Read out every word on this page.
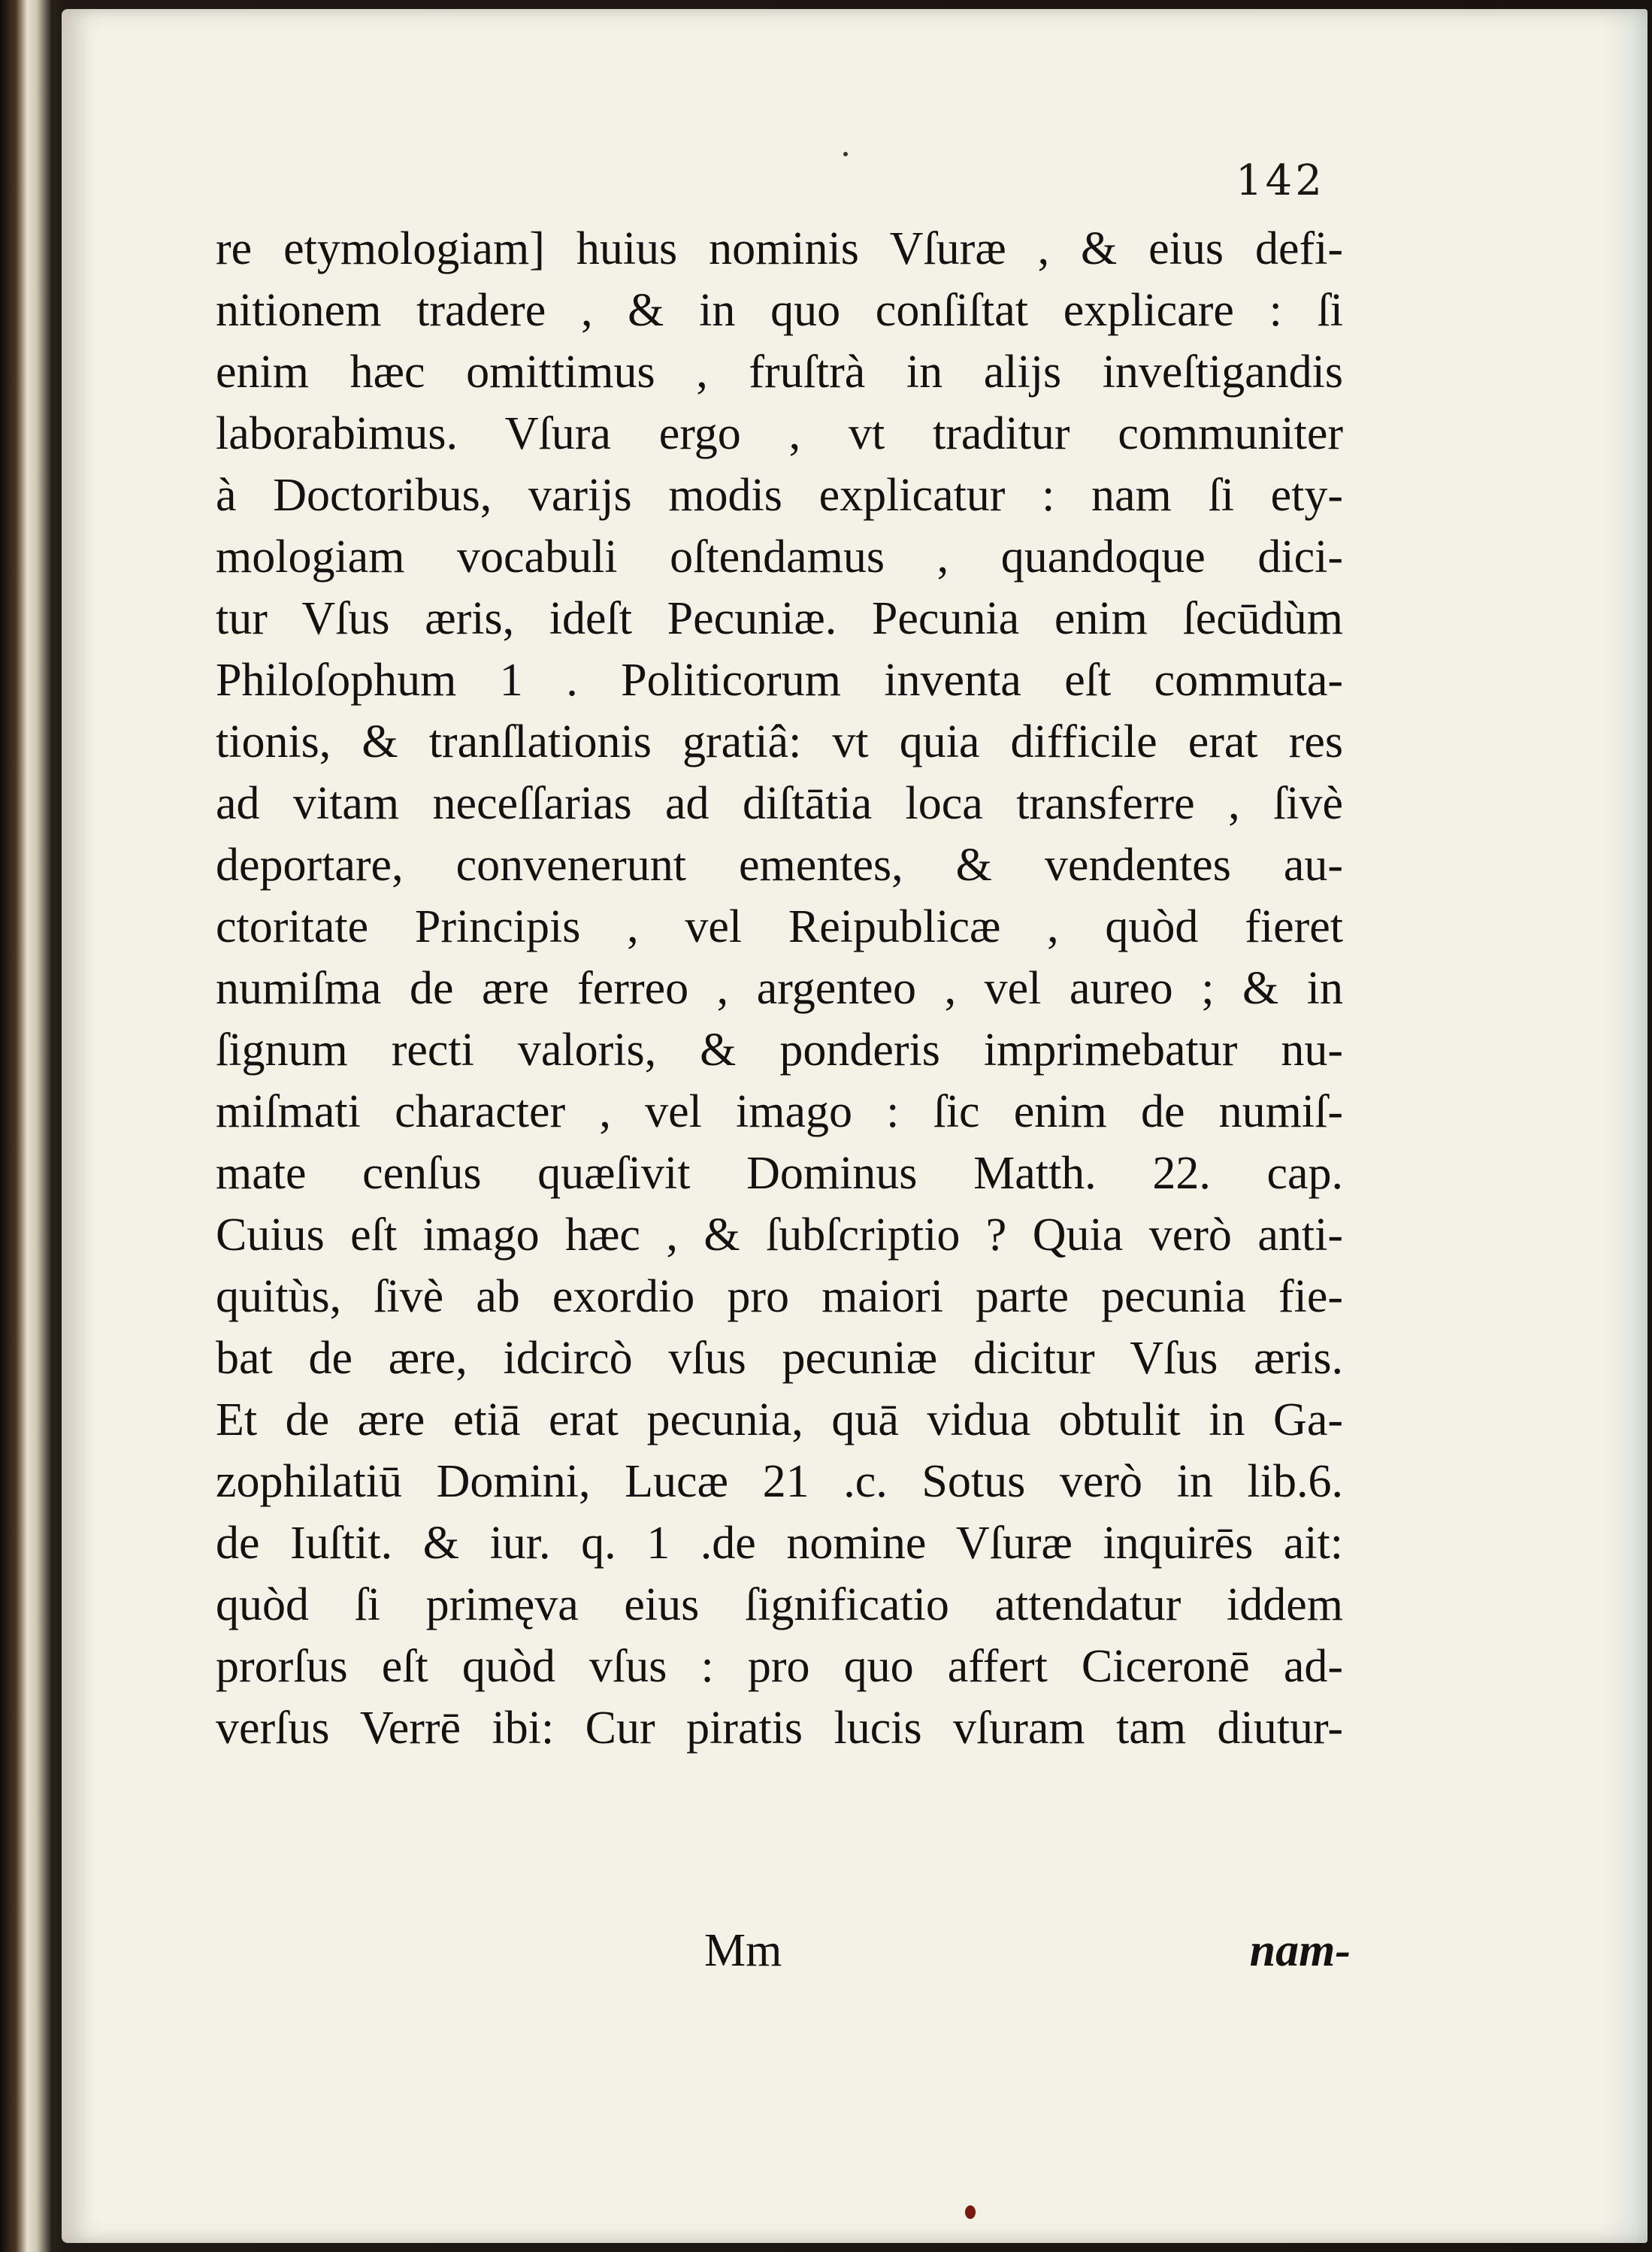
142
re etymologiam] huius nominis Vſuræ , & eius defi-
nitionem tradere , & in quo conſiſtat explicare : ſi
enim hæc omittimus , fruſtrà in alijs inveſtigandis
laborabimus. Vſura ergo , vt traditur communiter
à Doctoribus, varijs modis explicatur : nam ſi ety-
mologiam vocabuli oſtendamus , quandoque dici-
tur Vſus æris, ideſt Pecuniæ. Pecunia enim ſecūdùm
Philoſophum 1 . Politicorum inventa eſt commuta-
tionis, & tranſlationis gratiâ: vt quia difficile erat res
ad vitam neceſſarias ad diſtātia loca transferre , ſivè
deportare, convenerunt ementes, & vendentes au-
ctoritate Principis , vel Reipublicæ , quòd fieret
numiſma de ære ferreo , argenteo , vel aureo ; & in
ſignum recti valoris, & ponderis imprimebatur nu-
miſmati character , vel imago : ſic enim de numiſ-
mate cenſus quæſivit Dominus Matth. 22. cap.
Cuius eſt imago hæc , & ſubſcriptio ? Quia verò anti-
quitùs, ſivè ab exordio pro maiori parte pecunia fie-
bat de ære, idcircò vſus pecuniæ dicitur Vſus æris.
Et de ære etiā erat pecunia, quā vidua obtulit in Ga-
zophilatiū Domini, Lucæ 21 .c. Sotus verò in lib.6.
de Iuſtit. & iur. q. 1 .de nomine Vſuræ inquirēs ait:
quòd ſi primęva eius ſignificatio attendatur iddem
prorſus eſt quòd vſus : pro quo affert Ciceronē ad-
verſus Verrē ibi: Cur piratis lucis vſuram tam diutur-
Mm	nam-
